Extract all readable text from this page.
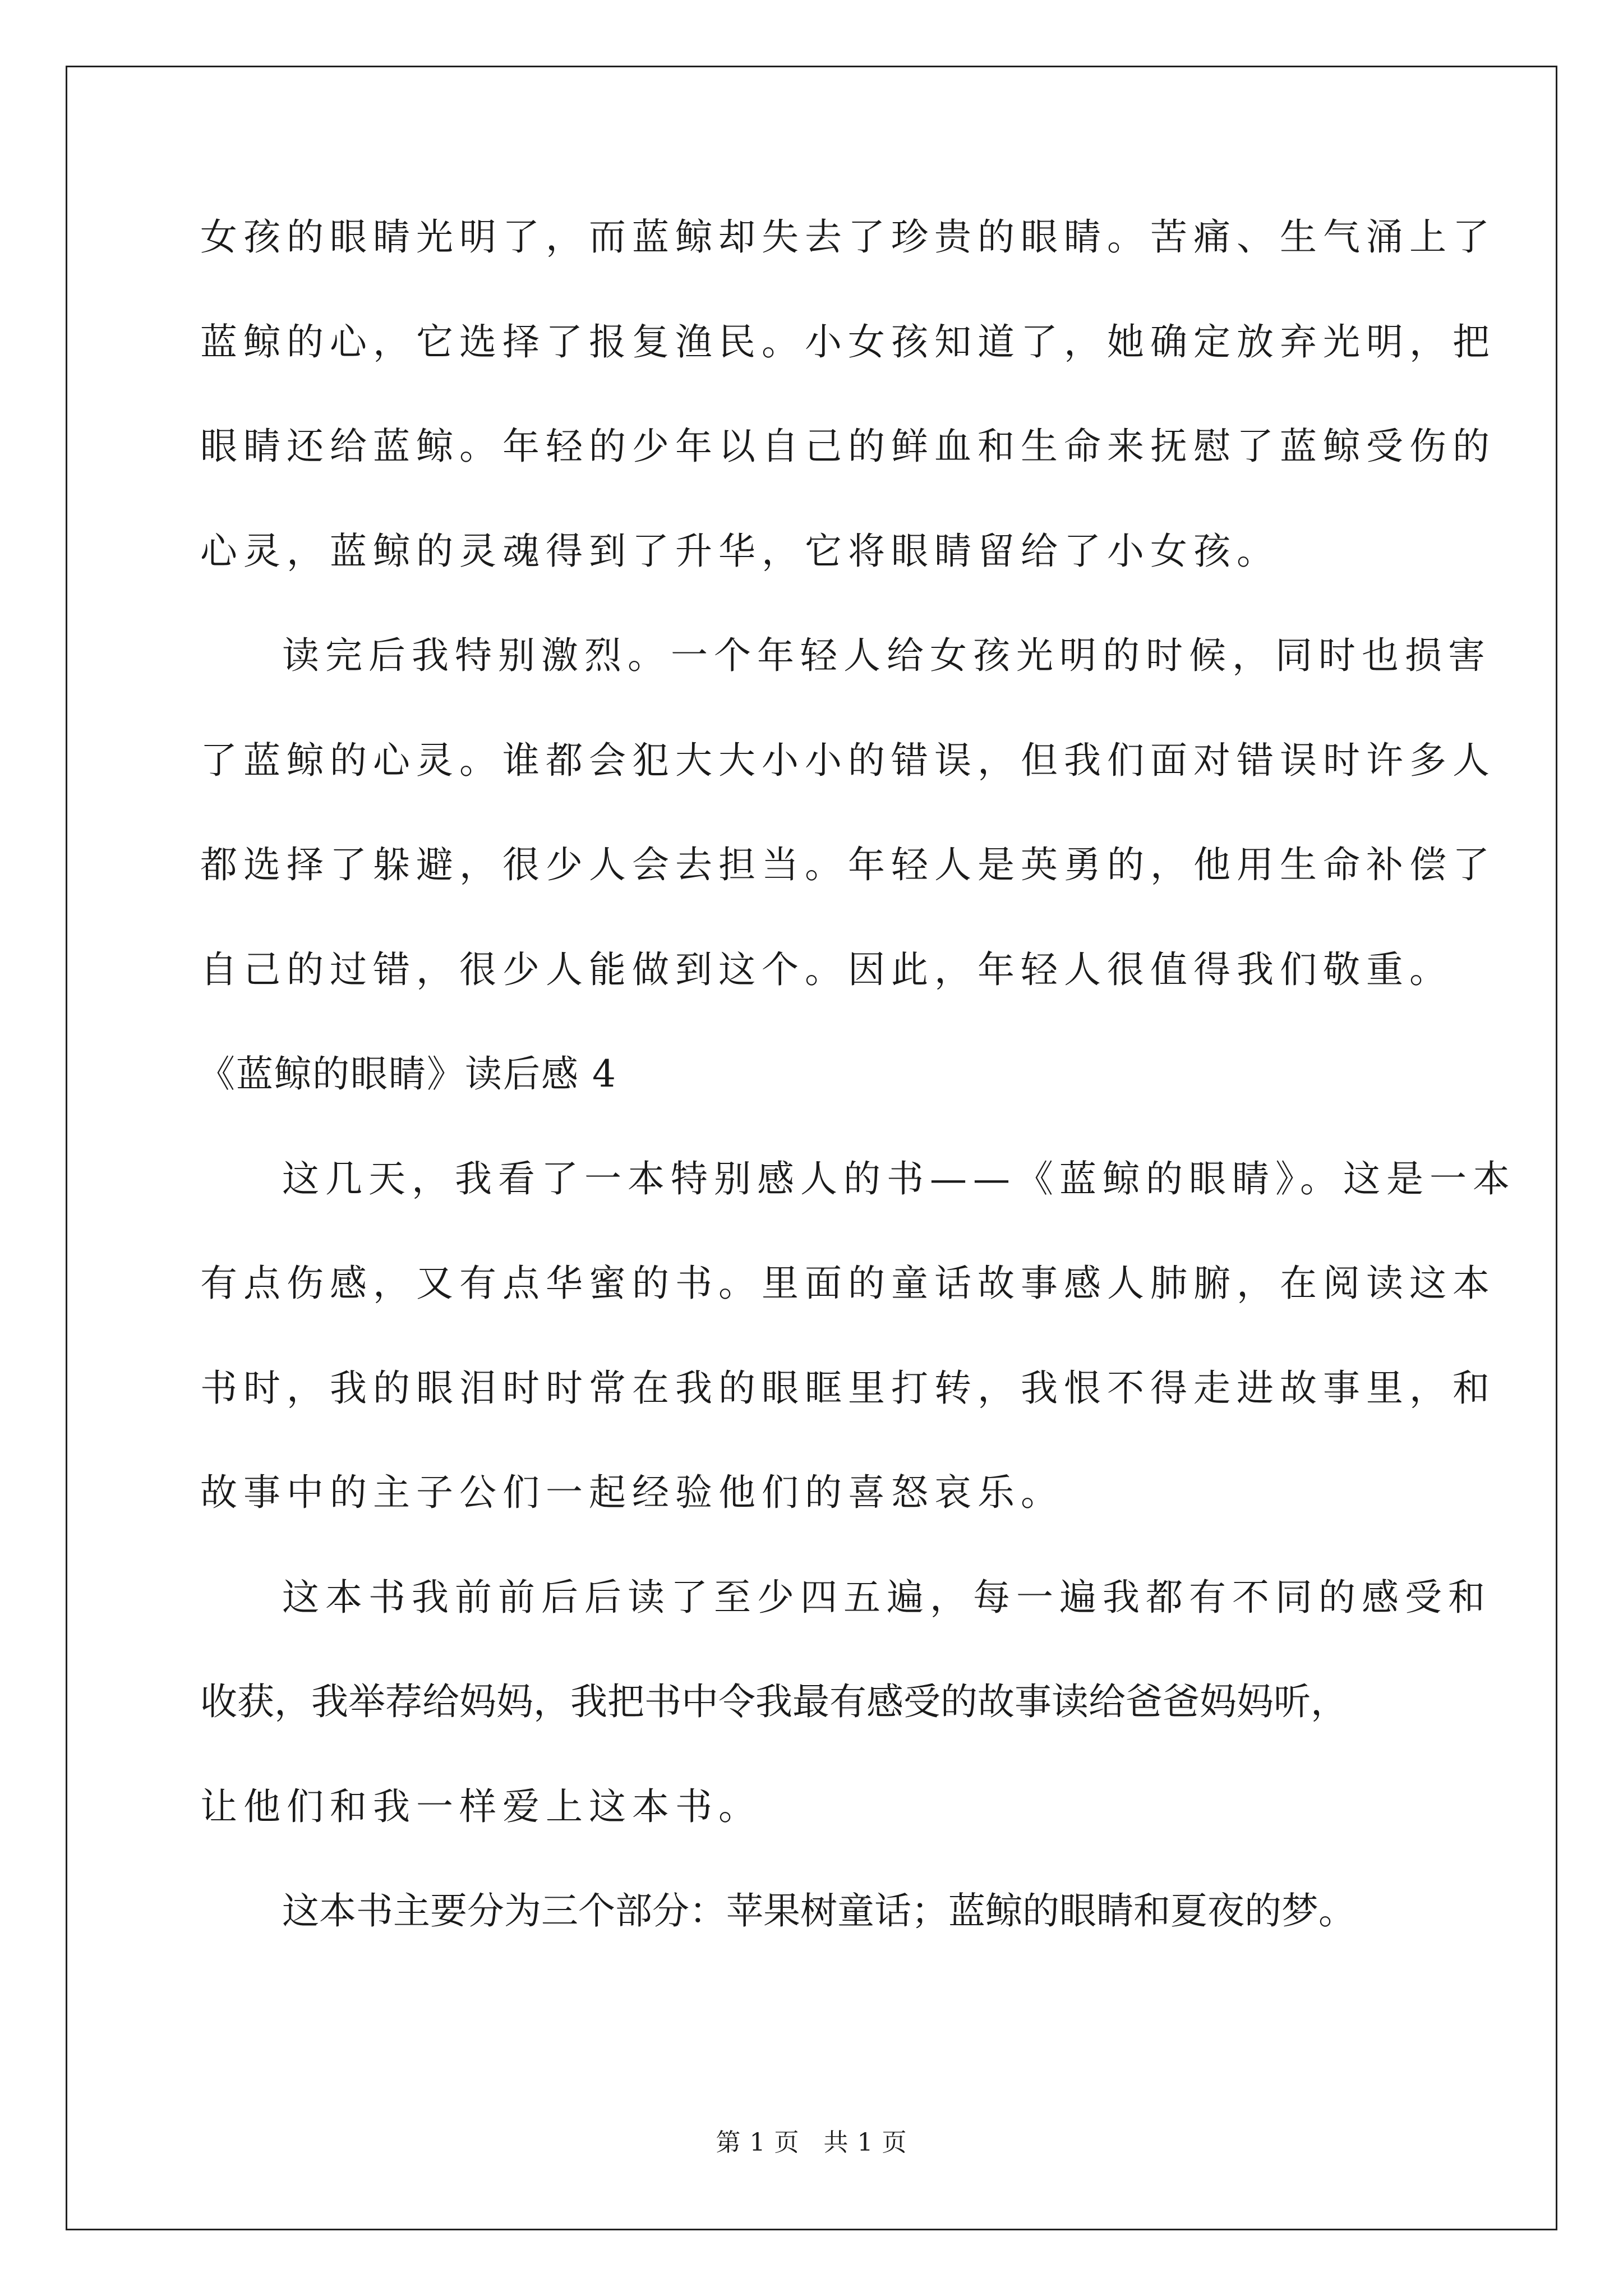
女孩的眼睛光明了，而蓝鲸却失去了珍贵的眼睛。苦痛、生气涌上了
蓝鲸的心，它选择了报复渔民。小女孩知道了，她确定放弃光明，把
眼睛还给蓝鲸。年轻的少年以自己的鲜血和生命来抚慰了蓝鲸受伤的
心灵，蓝鲸的灵魂得到了升华，它将眼睛留给了小女孩。
读完后我特别激烈。一个年轻人给女孩光明的时候，同时也损害
了蓝鲸的心灵。谁都会犯大大小小的错误，但我们面对错误时许多人
都选择了躲避，很少人会去担当。年轻人是英勇的，他用生命补偿了
自己的过错，很少人能做到这个。因此，年轻人很值得我们敬重。
《蓝鲸的眼睛》读后感 4
这几天，我看了一本特别感人的书——《蓝鲸的眼睛》。这是一本
有点伤感，又有点华蜜的书。里面的童话故事感人肺腑，在阅读这本
书时，我的眼泪时时常在我的眼眶里打转，我恨不得走进故事里，和
故事中的主子公们一起经验他们的喜怒哀乐。
这本书我前前后后读了至少四五遍，每一遍我都有不同的感受和
收获，我举荐给妈妈，我把书中令我最有感受的故事读给爸爸妈妈听，
让他们和我一样爱上这本书。
这本书主要分为三个部分：苹果树童话；蓝鲸的眼睛和夏夜的梦。
第 1 页 共 1 页
